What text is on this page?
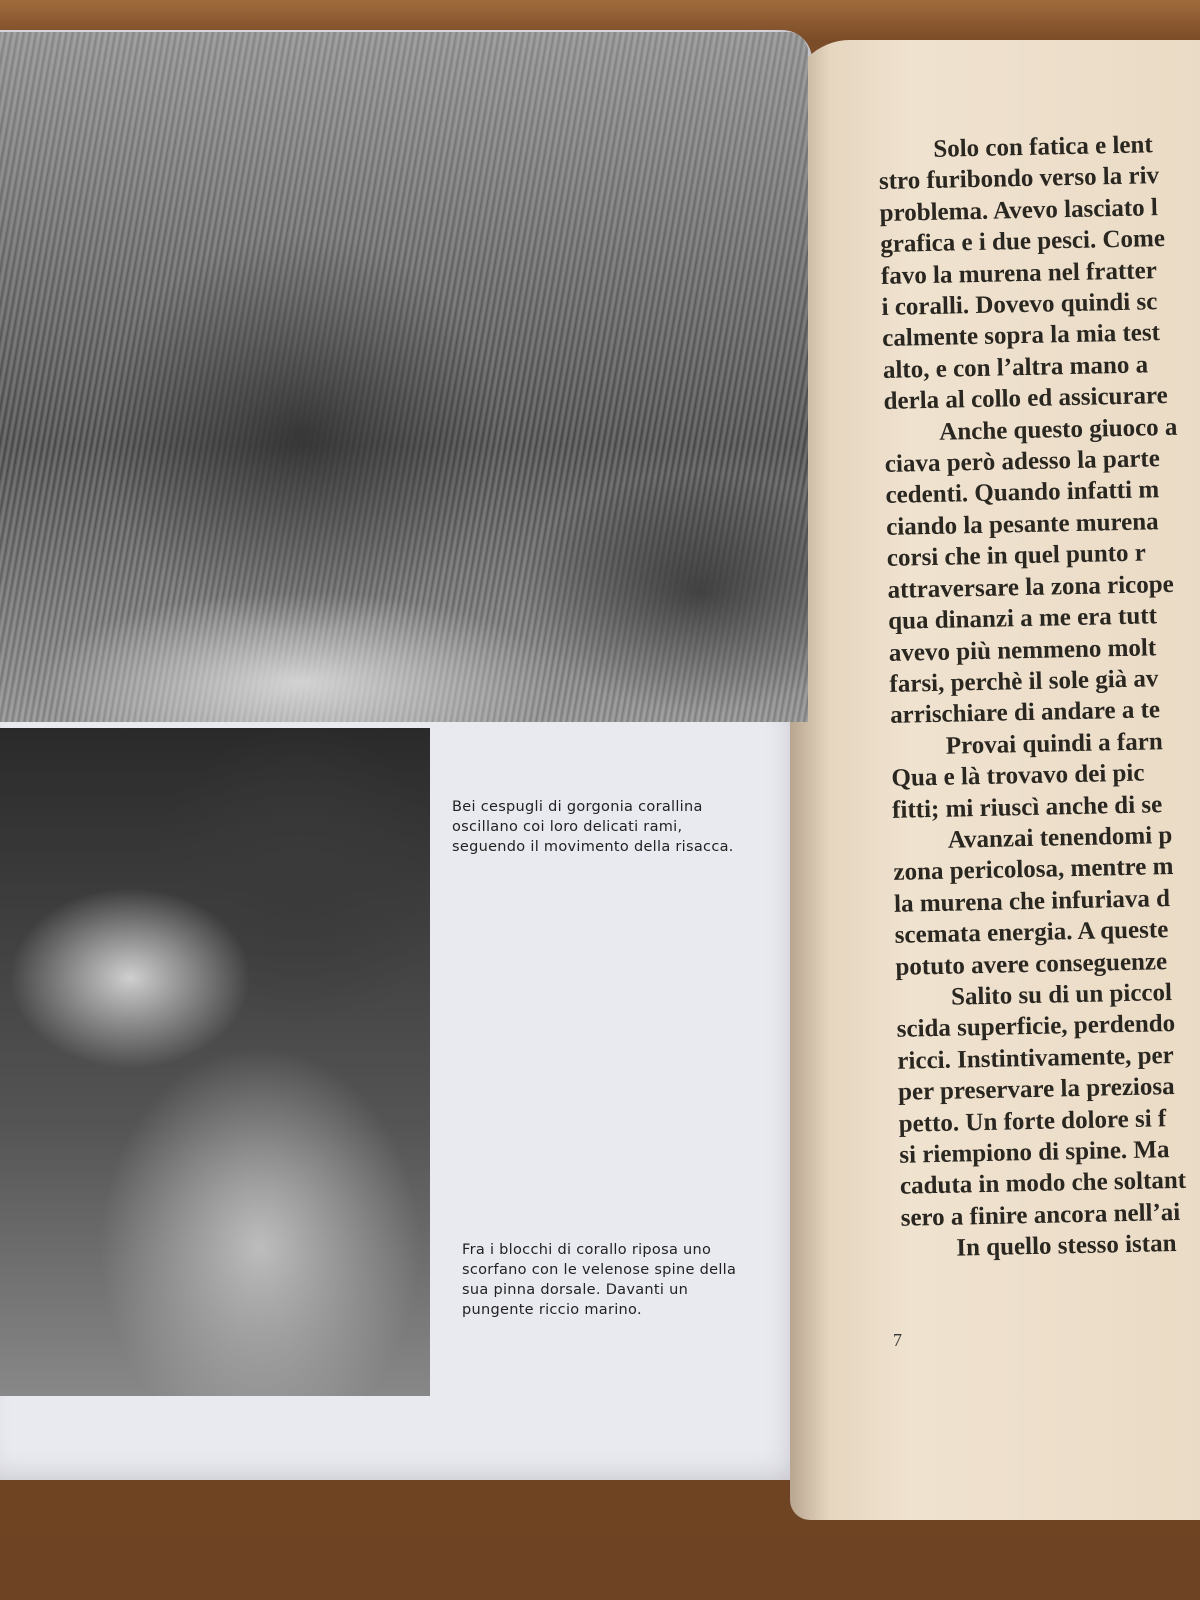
Bei cespugli di gorgonia corallina oscillano coi loro delicati rami, seguendo il movimento della risacca.
Fra i blocchi di corallo riposa uno scorfano con le velenose spine della sua pinna dorsale. Davanti un pungente riccio marino.
Solo con fatica e lent
stro furibondo verso la riv
problema. Avevo lasciato l
grafica e i due pesci. Come
favo la murena nel fratter
i coralli. Dovevo quindi sc
calmente sopra la mia test
alto, e con l’altra mano a
derla al collo ed assicurare
Anche questo giuoco a
ciava però adesso la parte
cedenti. Quando infatti m
ciando la pesante murena
corsi che in quel punto r
attraversare la zona ricope
qua dinanzi a me era tutt
avevo più nemmeno molt
farsi, perchè il sole già av
arrischiare di andare a te
Provai quindi a farn
Qua e là trovavo dei pic
fitti; mi riuscì anche di se
Avanzai tenendomi p
zona pericolosa, mentre m
la murena che infuriava d
scemata energia. A queste
potuto avere conseguenze
Salito su di un piccol
scida superficie, perdendo
ricci. Instintivamente, per
per preservare la preziosa
petto. Un forte dolore si f
si riempiono di spine. Ma
caduta in modo che soltant
sero a finire ancora nell’ai
In quello stesso istan
7
